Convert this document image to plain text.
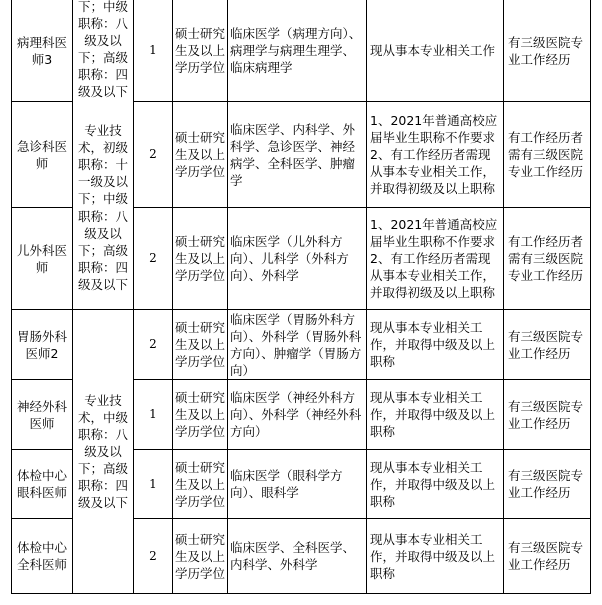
病理科医师3
下；中级职称：八级及以下；高级职称：四级及以下
1
硕士研究生及以上学历学位
临床医学（病理方向）、病理学与病理生理学、临床病理学
现从事本专业相关工作
有三级医院专业工作经历
急诊科医师
专业技术，初级职称：十一级及以下；中级
2
硕士研究生及以上学历学位
临床医学、内科学、外科学、急诊医学、神经病学、全科医学、肿瘤学
1、2021年普通高校应届毕业生职称不作要求 2、有工作经历者需现从事本专业相关工作，并取得初级及以上职称
有工作经历者需有三级医院专业工作经历
儿外科医师
职称：八级及以下；高级职称：四级及以下
2
硕士研究生及以上学历学位
临床医学（儿外科方向）、儿科学（外科方向）、外科学
1、2021年普通高校应届毕业生职称不作要求 2、有工作经历者需现从事本专业相关工作，并取得初级及以上职称
有工作经历者需有三级医院专业工作经历
专业技术，中级职称：八级及以下；高级职称：四级及以下
胃肠外科医师2
2
硕士研究生及以上学历学位
临床医学（胃肠外科方向）、外科学（胃肠外科方向）、肿瘤学（胃肠方向）
现从事本专业相关工作，并取得中级及以上职称
有三级医院专业工作经历
神经外科医师
1
硕士研究生及以上学历学位
临床医学（神经外科方向）、外科学（神经外科方向）
现从事本专业相关工作，并取得中级及以上职称
有三级医院专业工作经历
体检中心眼科医师
1
硕士研究生及以上学历学位
临床医学（眼科学方向）、眼科学
现从事本专业相关工作，并取得中级及以上职称
有三级医院专业工作经历
体检中心全科医师
2
硕士研究生及以上学历学位
临床医学、全科医学、内科学、外科学
现从事本专业相关工作，并取得中级及以上职称
有三级医院专业工作经历
